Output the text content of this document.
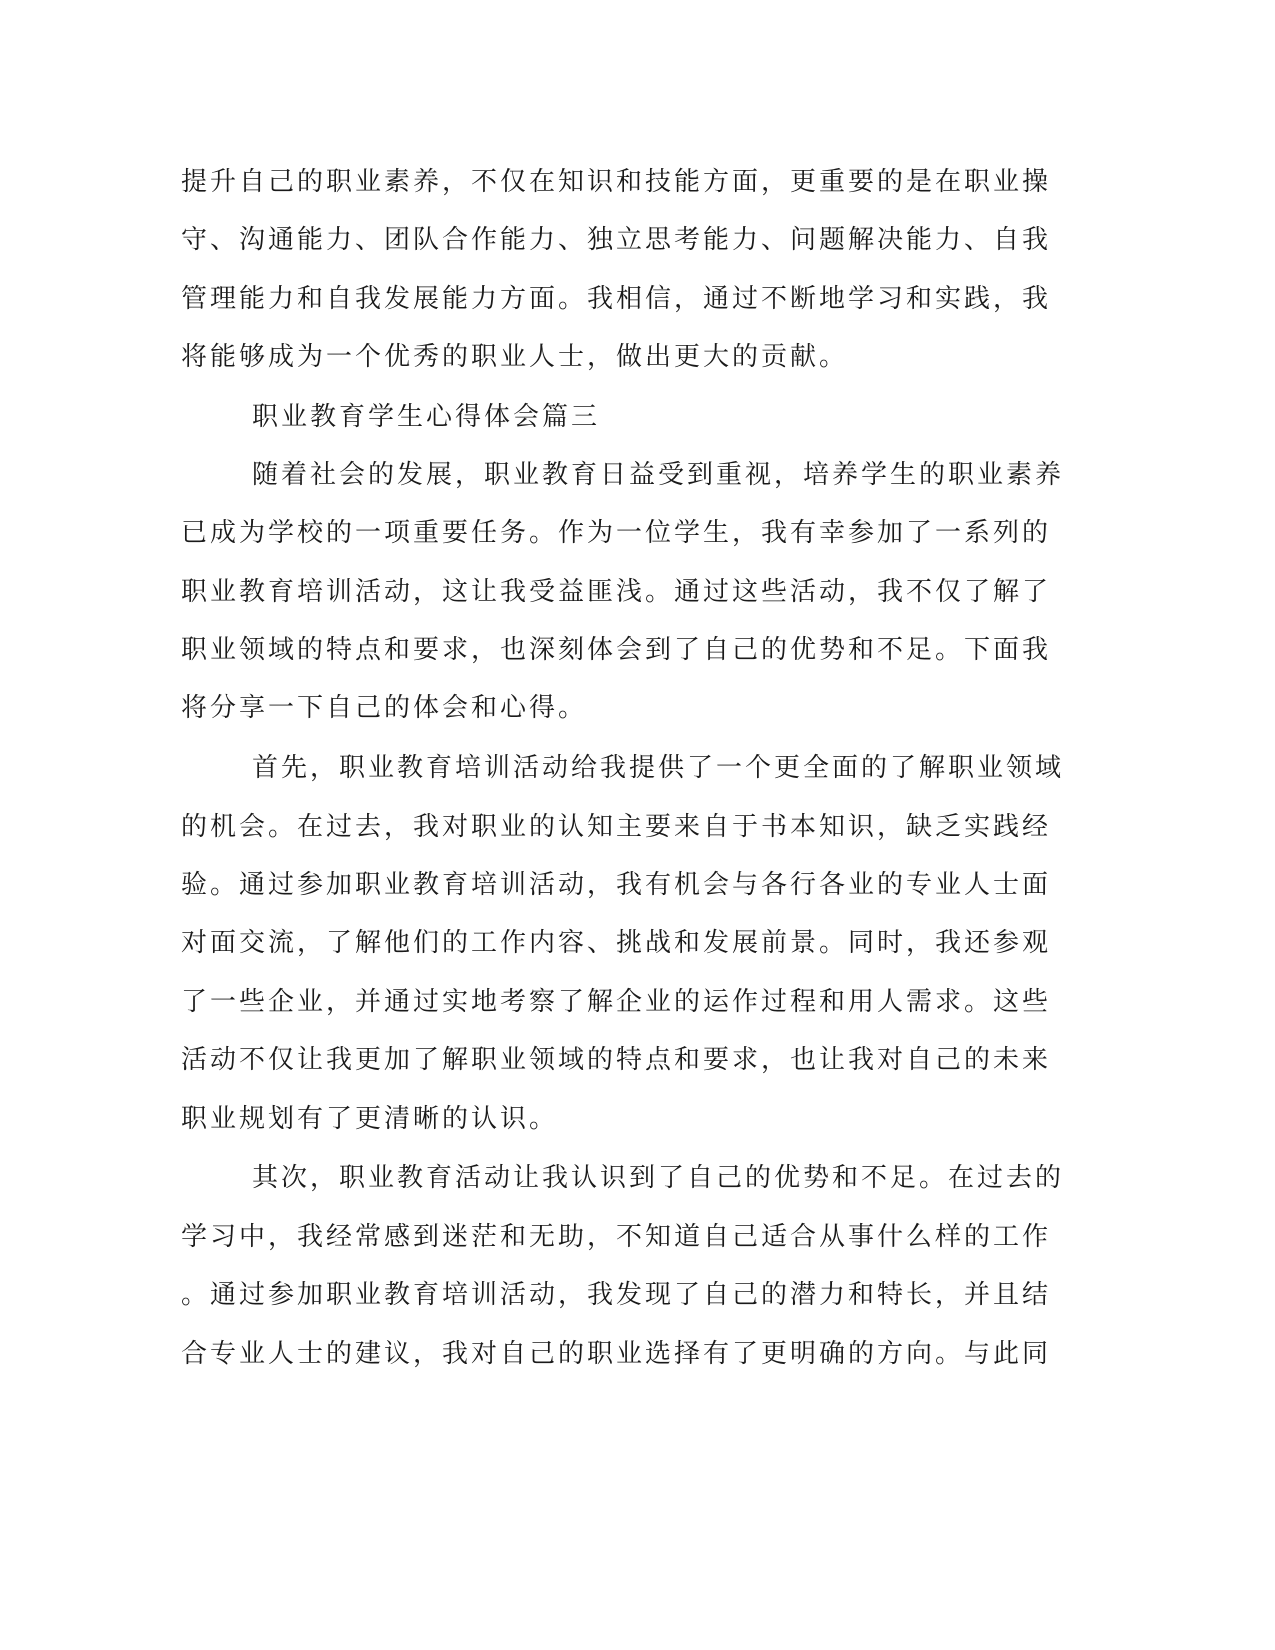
提升自己的职业素养，不仅在知识和技能方面，更重要的是在职业操
守、沟通能力、团队合作能力、独立思考能力、问题解决能力、自我
管理能力和自我发展能力方面。我相信，通过不断地学习和实践，我
将能够成为一个优秀的职业人士，做出更大的贡献。
职业教育学生心得体会篇三
随着社会的发展，职业教育日益受到重视，培养学生的职业素养
已成为学校的一项重要任务。作为一位学生，我有幸参加了一系列的
职业教育培训活动，这让我受益匪浅。通过这些活动，我不仅了解了
职业领域的特点和要求，也深刻体会到了自己的优势和不足。下面我
将分享一下自己的体会和心得。
首先，职业教育培训活动给我提供了一个更全面的了解职业领域
的机会。在过去，我对职业的认知主要来自于书本知识，缺乏实践经
验。通过参加职业教育培训活动，我有机会与各行各业的专业人士面
对面交流，了解他们的工作内容、挑战和发展前景。同时，我还参观
了一些企业，并通过实地考察了解企业的运作过程和用人需求。这些
活动不仅让我更加了解职业领域的特点和要求，也让我对自己的未来
职业规划有了更清晰的认识。
其次，职业教育活动让我认识到了自己的优势和不足。在过去的
学习中，我经常感到迷茫和无助，不知道自己适合从事什么样的工作
。通过参加职业教育培训活动，我发现了自己的潜力和特长，并且结
合专业人士的建议，我对自己的职业选择有了更明确的方向。与此同
